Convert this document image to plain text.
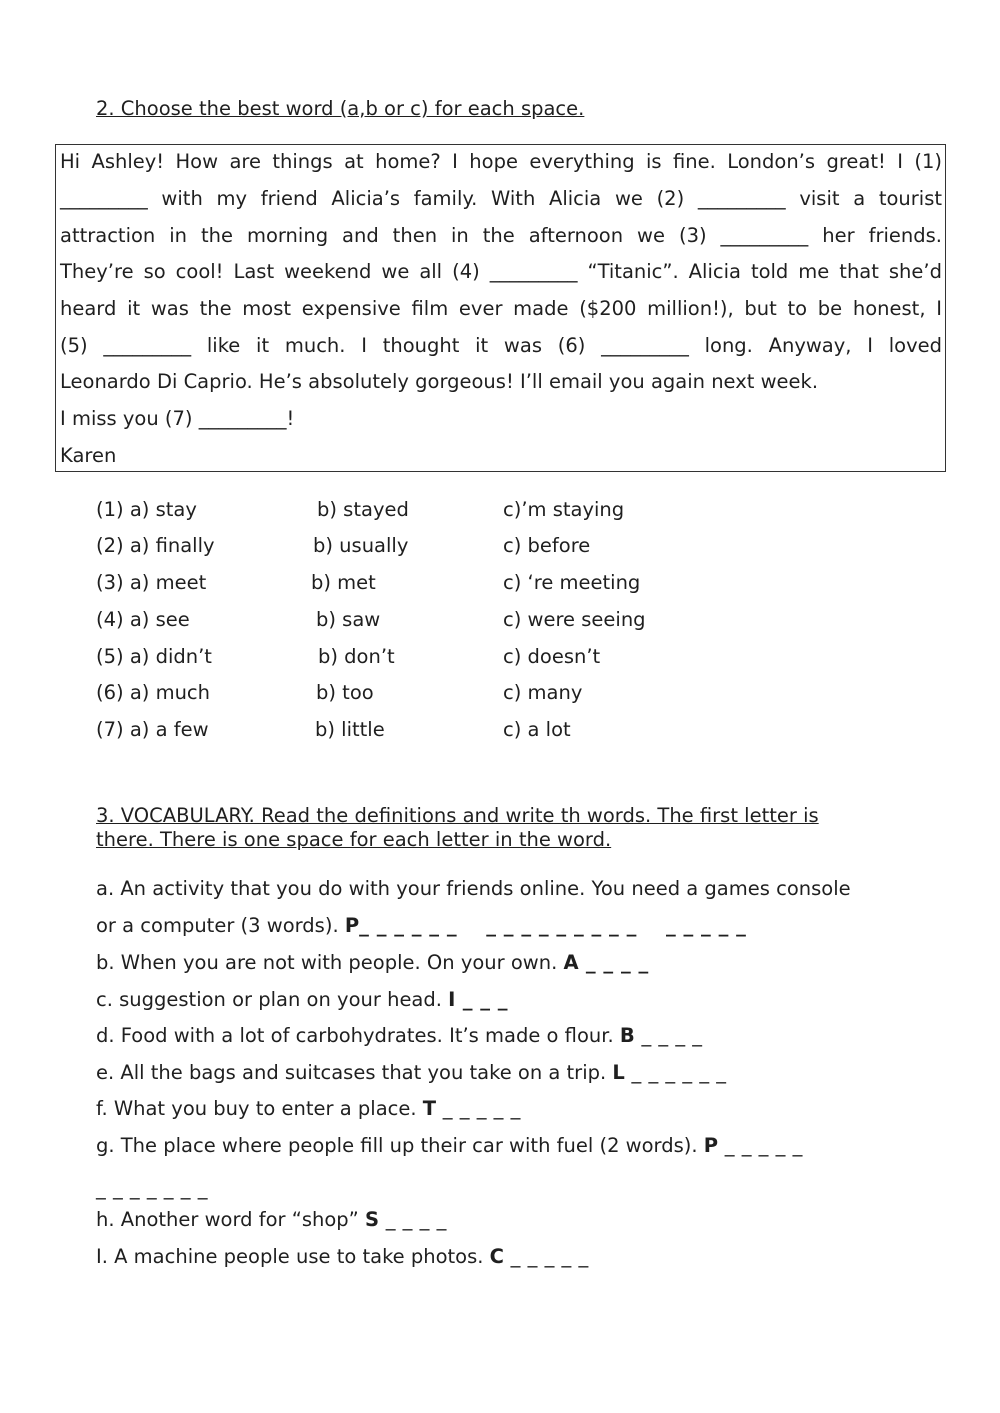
2. Choose the best word (a,b or c) for each space.
Hi Ashley! How are things at home? I hope everything is fine. London’s great! I (1)
_________ with my friend Alicia’s family. With Alicia we (2) _________ visit a tourist
attraction in the morning and then in the afternoon we (3) _________ her friends.
They’re so cool! Last weekend we all (4) _________ “Titanic”. Alicia told me that she’d
heard it was the most expensive film ever made ($200 million!), but to be honest, I
(5) _________ like it much. I thought it was (6) _________ long. Anyway, I loved
Leonardo Di Caprio. He’s absolutely gorgeous! I’ll email you again next week.
I miss you (7) _________!
Karen
(1) a) stay	b) stayed	c)’m staying
(2) a) finally	b) usually	c) before
(3) a) meet	b) met	c) ‘re meeting
(4) a) see	b) saw	c) were seeing
(5) a) didn’t	b) don’t	c) doesn’t
(6) a) much	b) too	c) many
(7) a) a few	b) little	c) a lot
3. VOCABULARY. Read the definitions and write th words. The first letter is
there. There is one space for each letter in the word.
a. An activity that you do with your friends online. You need a games console
or a computer (3 words). P_ _ _ _ _ _    _ _ _ _ _ _ _ _ _    _ _ _ _ _
b. When you are not with people. On your own. A _ _ _ _
c. suggestion or plan on your head. I _ _ _
d. Food with a lot of carbohydrates. It’s made o flour. B _ _ _ _
e. All the bags and suitcases that you take on a trip. L _ _ _ _ _ _
f. What you buy to enter a place. T _ _ _ _ _
g. The place where people fill up their car with fuel (2 words). P _ _ _ _ _
_ _ _ _ _ _ _
h. Another word for “shop” S _ _ _ _
I. A machine people use to take photos. C _ _ _ _ _
